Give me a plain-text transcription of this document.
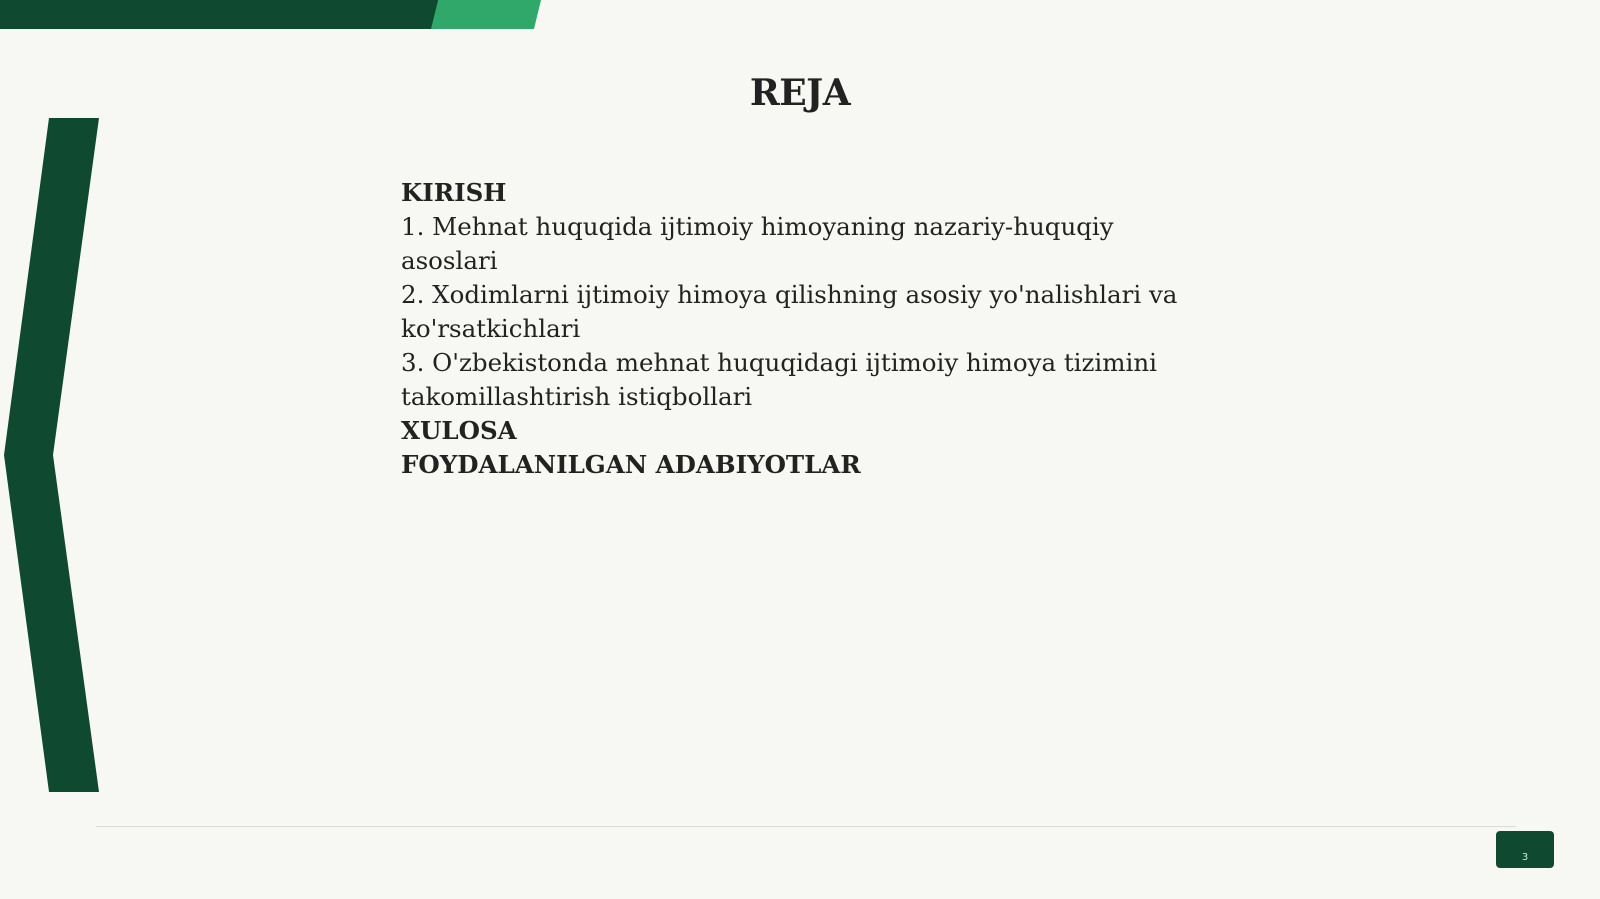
REJA
KIRISH
1. Mehnat huquqida ijtimoiy himoyaning nazariy-huquqiy asoslari
2. Xodimlarni ijtimoiy himoya qilishning asosiy yo'nalishlari va
ko'rsatkichlari
3. O'zbekistonda mehnat huquqidagi ijtimoiy himoya tizimini
takomillashtirish istiqbollari
XULOSA
FOYDALANILGAN ADABIYOTLAR
3
